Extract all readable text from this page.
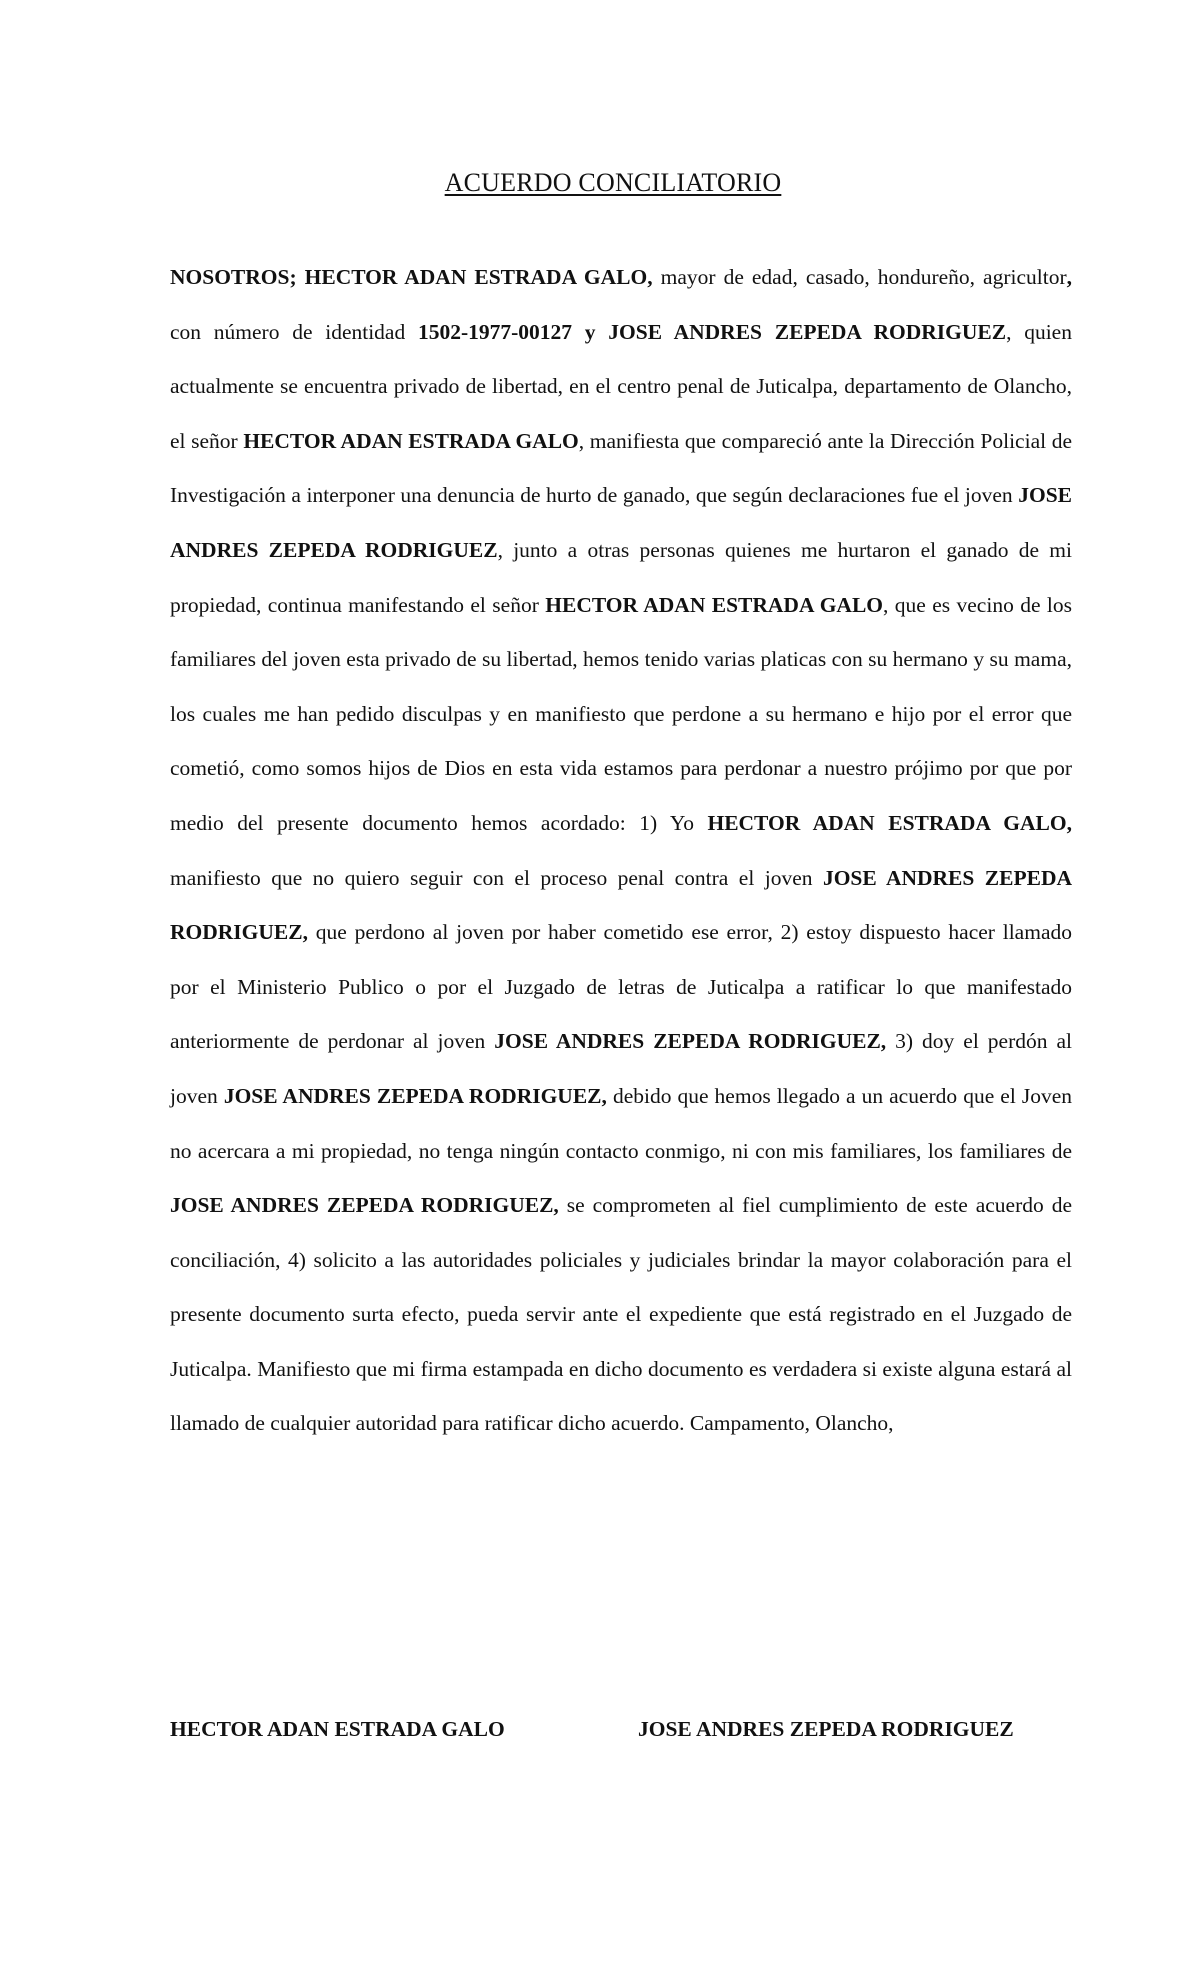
ACUERDO CONCILIATORIO

NOSOTROS; HECTOR ADAN ESTRADA GALO, mayor de edad, casado, hondureño, agricultor, con número de identidad 1502-1977-00127 y JOSE ANDRES ZEPEDA RODRIGUEZ, quien actualmente se encuentra privado de libertad, en el centro penal de Juticalpa, departamento de Olancho, el señor HECTOR ADAN ESTRADA GALO, manifiesta que compareció ante la Dirección Policial de Investigación a interponer una denuncia de hurto de ganado, que según declaraciones fue el joven JOSE ANDRES ZEPEDA RODRIGUEZ, junto a otras personas quienes me hurtaron el ganado de mi propiedad, continua manifestando el señor HECTOR ADAN ESTRADA GALO, que es vecino de los familiares del joven esta privado de su libertad, hemos tenido varias platicas con su hermano y su mama, los cuales me han pedido disculpas y en manifiesto que perdone a su hermano e hijo por el error que cometió, como somos hijos de Dios en esta vida estamos para perdonar a nuestro prójimo por que por medio del presente documento hemos acordado: 1) Yo HECTOR ADAN ESTRADA GALO, manifiesto que no quiero seguir con el proceso penal contra el joven JOSE ANDRES ZEPEDA RODRIGUEZ, que perdono al joven por haber cometido ese error, 2) estoy dispuesto hacer llamado por el Ministerio Publico o por el Juzgado de letras de Juticalpa a ratificar lo que manifestado anteriormente de perdonar al joven JOSE ANDRES ZEPEDA RODRIGUEZ, 3) doy el perdón al joven JOSE ANDRES ZEPEDA RODRIGUEZ, debido que hemos llegado a un acuerdo que el Joven no acercara a mi propiedad, no tenga ningún contacto conmigo, ni con mis familiares, los familiares de JOSE ANDRES ZEPEDA RODRIGUEZ, se comprometen al fiel cumplimiento de este acuerdo de conciliación, 4) solicito a las autoridades policiales y judiciales brindar la mayor colaboración para el presente documento surta efecto, pueda servir ante el expediente que está registrado en el Juzgado de Juticalpa. Manifiesto que mi firma estampada en dicho documento es verdadera si existe alguna estará al llamado de cualquier autoridad para ratificar dicho acuerdo. Campamento, Olancho,

HECTOR ADAN ESTRADA GALO	JOSE ANDRES ZEPEDA RODRIGUEZ
